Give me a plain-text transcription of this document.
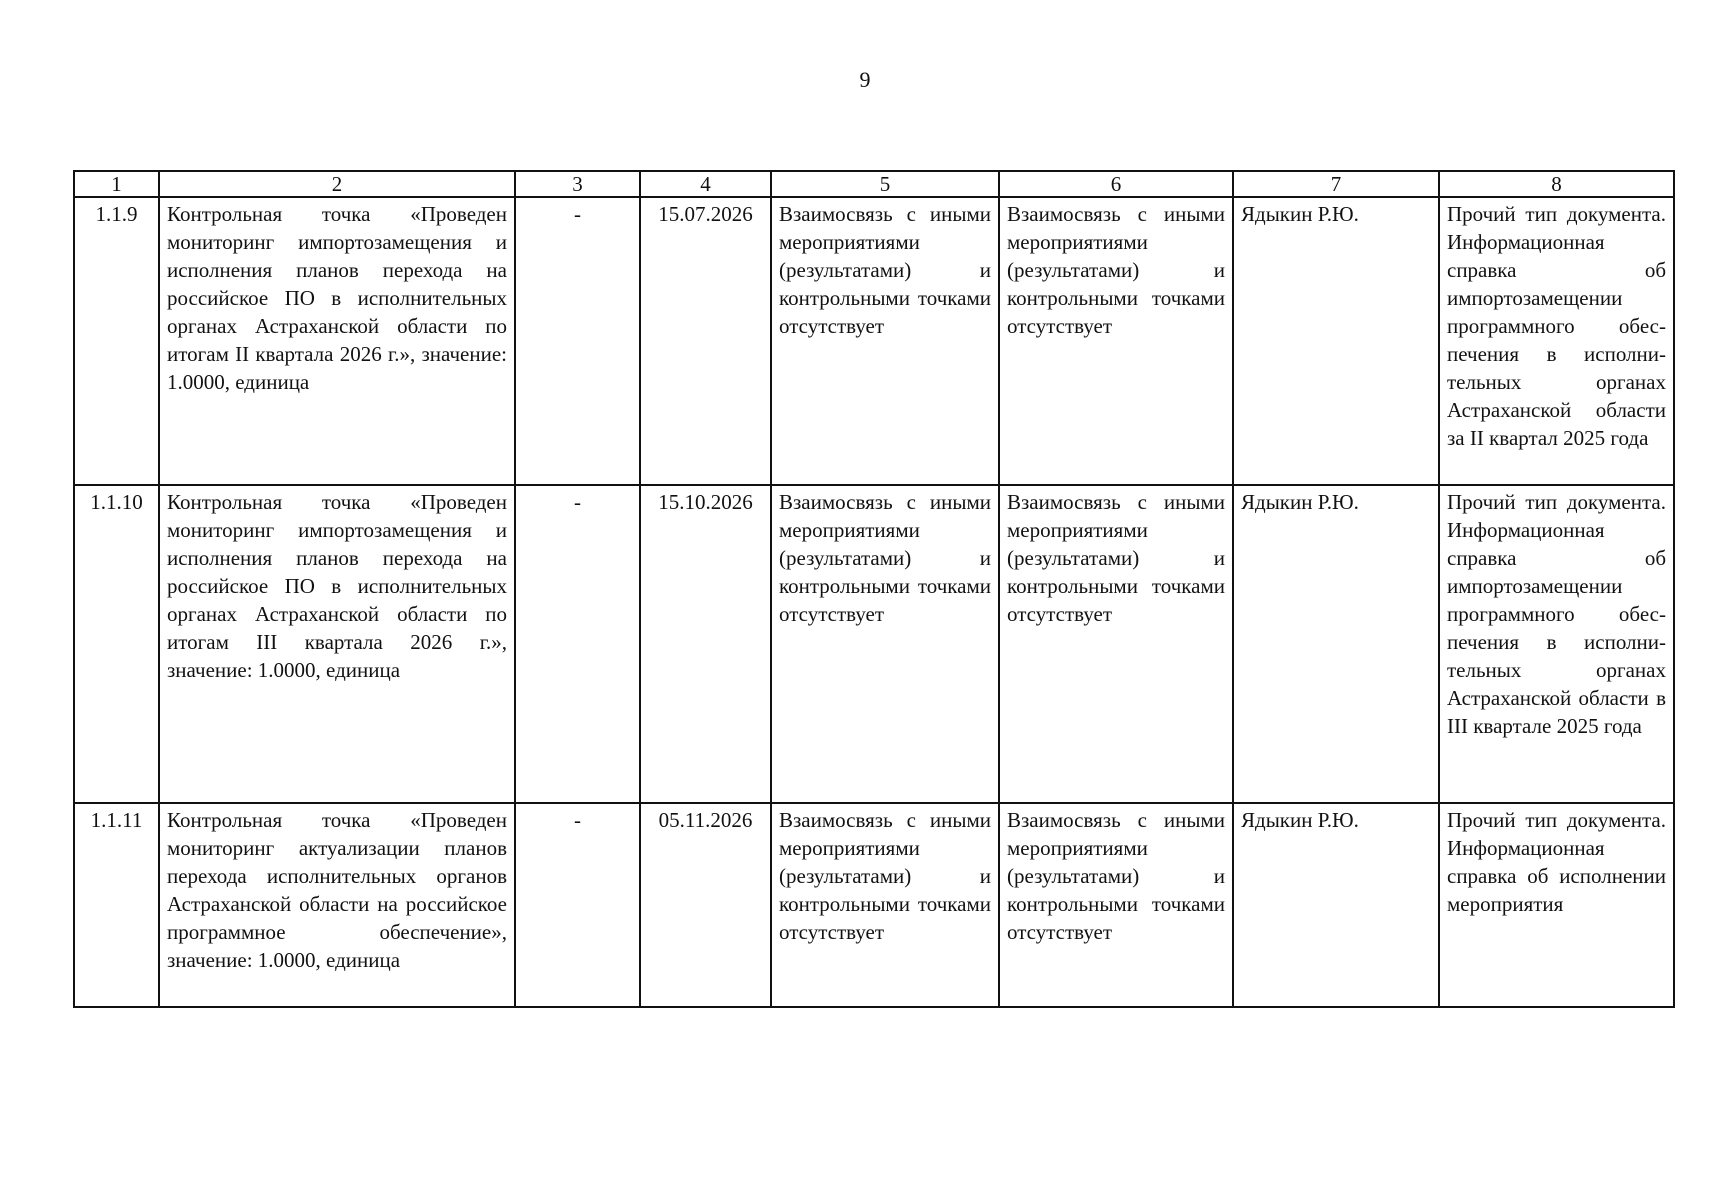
9
1	2	3	4	5	6	7	8
1.1.9	Контрольная точка «Проведен мониторинг импортозамещения и исполнения планов перехода на российское ПО в исполнительных органах Астраханской области по итогам II квартала 2026 г.», значение: 1.0000, единица	-	15.07.2026	Взаимосвязь с иными мероприятиями (результатами) и контрольными точками отсутствует	Взаимосвязь с иными мероприятиями (результатами) и контрольными точками отсутствует	Ядыкин Р.Ю.	Прочий тип документа. Информационная справка об импортозамещении программного обеспечения в исполнительных органах Астраханской области за II квартал 2025 года
1.1.10	Контрольная точка «Проведен мониторинг импортозамещения и исполнения планов перехода на российское ПО в исполнительных органах Астраханской области по итогам III квартала 2026 г.», значение: 1.0000, единица	-	15.10.2026	Взаимосвязь с иными мероприятиями (результатами) и контрольными точками отсутствует	Взаимосвязь с иными мероприятиями (результатами) и контрольными точками отсутствует	Ядыкин Р.Ю.	Прочий тип документа. Информационная справка об импортозамещении программного обеспечения в исполнительных органах Астраханской области в III квартале 2025 года
1.1.11	Контрольная точка «Проведен мониторинг актуализации планов перехода исполнительных органов Астраханской области на российское программное обеспечение», значение: 1.0000, единица	-	05.11.2026	Взаимосвязь с иными мероприятиями (результатами) и контрольными точками отсутствует	Взаимосвязь с иными мероприятиями (результатами) и контрольными точками отсутствует	Ядыкин Р.Ю.	Прочий тип документа. Информационная справка об исполнении мероприятия
